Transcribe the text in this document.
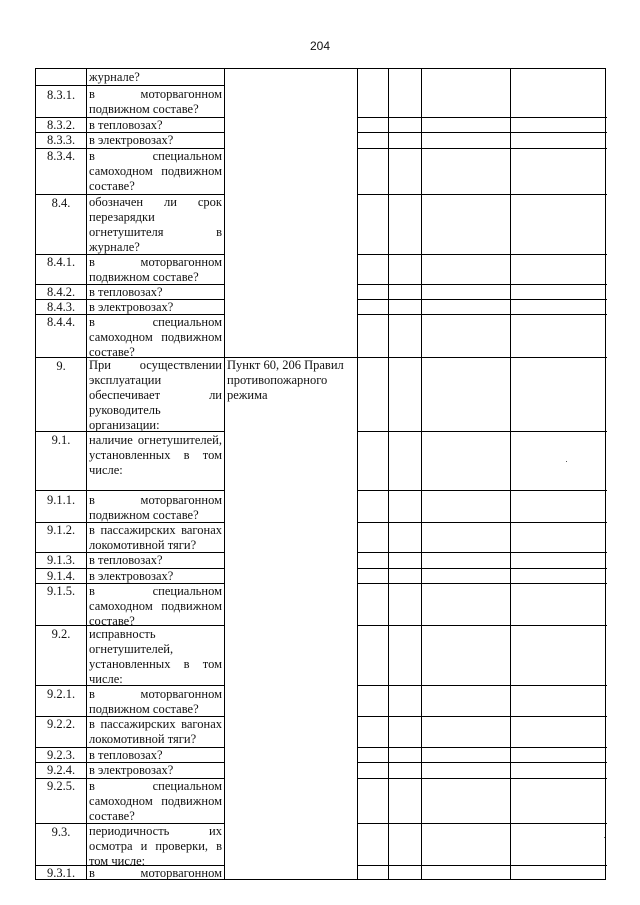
204
8.3.1.
8.3.2.
8.3.3.
8.3.4.
8.4.
8.4.1.
8.4.2.
8.4.3.
8.4.4.
9.
9.1.
9.1.1.
9.1.2.
9.1.3.
9.1.4.
9.1.5.
9.2.
9.2.1.
9.2.2.
9.2.3.
9.2.4.
9.2.5.
9.3.
9.3.1.
журнале?
в моторвагонном подвижном составе?
в тепловозах?
в электровозах?
в специальном самоходном подвижном составе?
обозначен ли срок перезарядки огнетушителя в журнале?
в моторвагонном подвижном составе?
в тепловозах?
в электровозах?
в специальном самоходном подвижном составе?
При осуществлении эксплуатации обеспечивает ли руководитель организации:
наличие огнетушителей, установленных в том числе:
в моторвагонном подвижном составе?
в пассажирских вагонах локомотивной тяги?
в тепловозах?
в электровозах?
в специальном самоходном подвижном составе?
исправность огнетушителей, установленных в том числе:
в моторвагонном подвижном составе?
в пассажирских вагонах локомотивной тяги?
в тепловозах?
в электровозах?
в специальном самоходном подвижном составе?
периодичность их осмотра и проверки, в том числе:
в моторвагонном
Пункт 60, 206 Правил противопожарного режима
